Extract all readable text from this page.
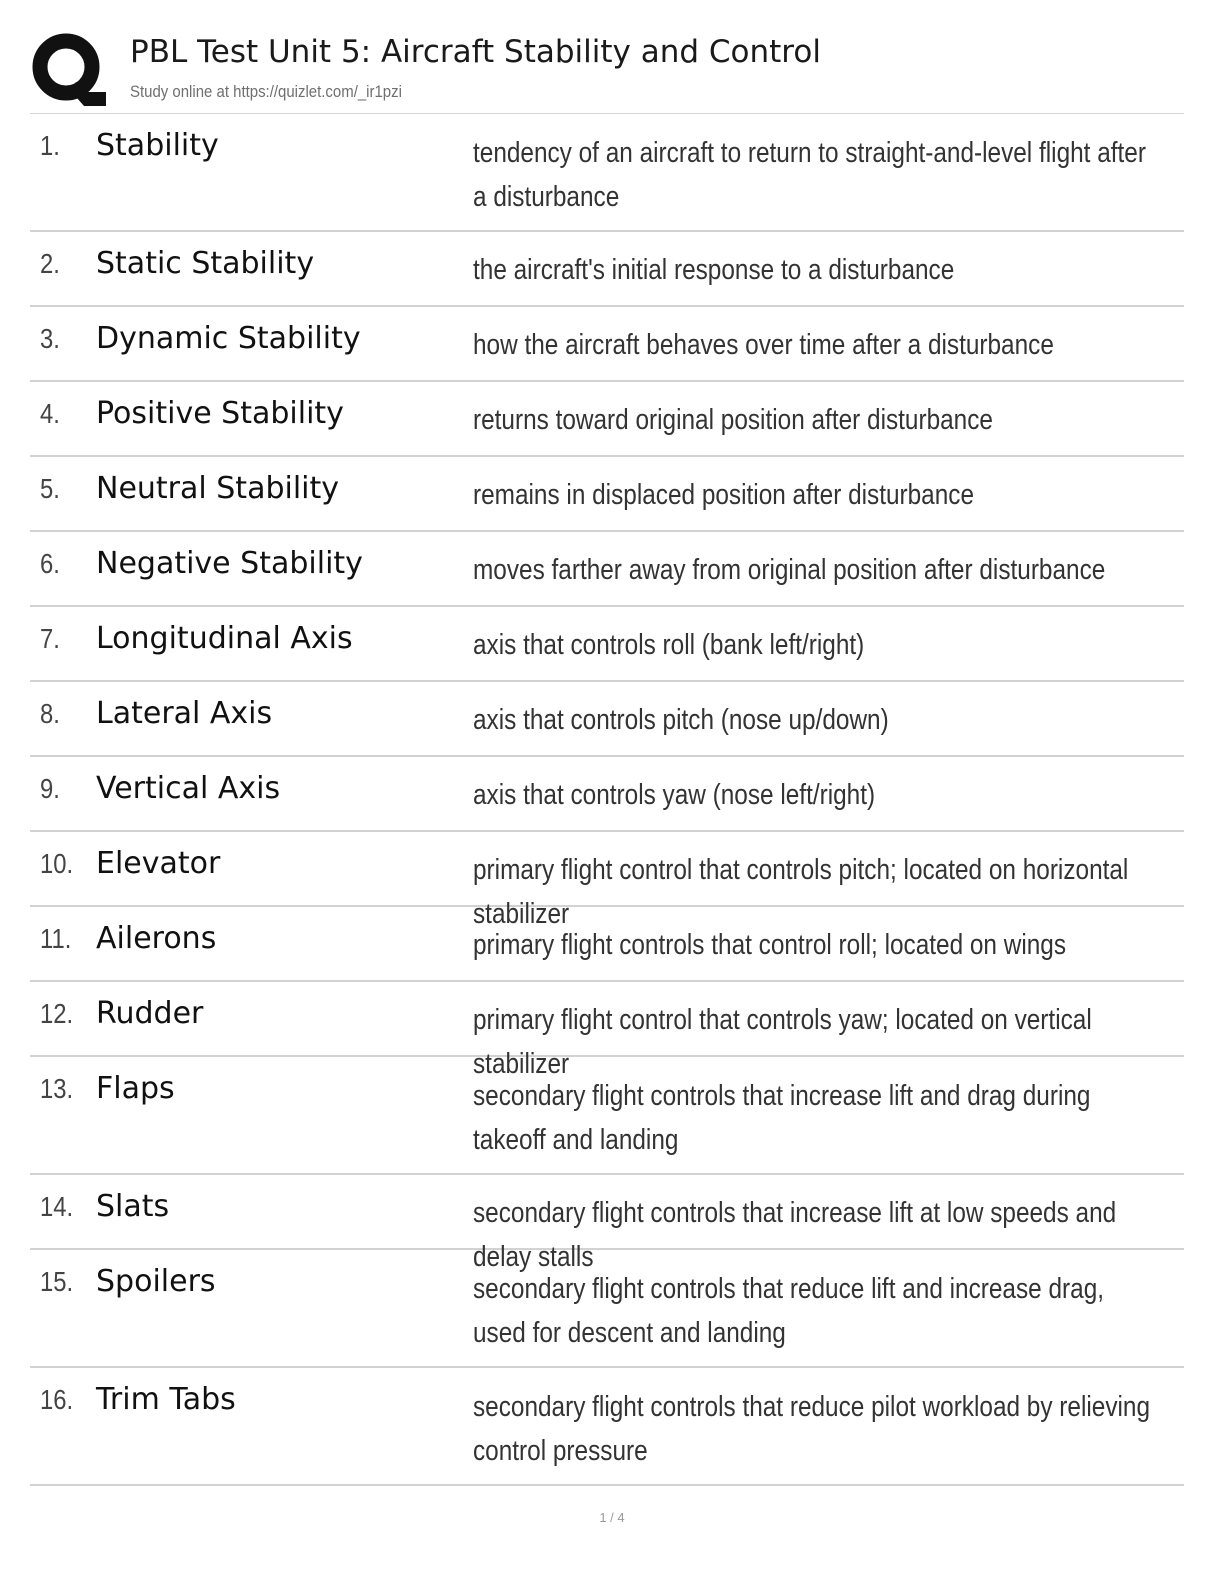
PBL Test Unit 5: Aircraft Stability and Control
Study online at https://quizlet.com/_ir1pzi
1. Stability	tendency of an aircraft to return to straight-and-level flight after a disturbance
2. Static Stability	the aircraft's initial response to a disturbance
3. Dynamic Stability	how the aircraft behaves over time after a disturbance
4. Positive Stability	returns toward original position after disturbance
5. Neutral Stability	remains in displaced position after disturbance
6. Negative Stability	moves farther away from original position after disturbance
7. Longitudinal Axis	axis that controls roll (bank left/right)
8. Lateral Axis	axis that controls pitch (nose up/down)
9. Vertical Axis	axis that controls yaw (nose left/right)
10. Elevator	primary flight control that controls pitch; located on horizontal stabilizer
11. Ailerons	primary flight controls that control roll; located on wings
12. Rudder	primary flight control that controls yaw; located on vertical stabilizer
13. Flaps	secondary flight controls that increase lift and drag during takeoff and landing
14. Slats	secondary flight controls that increase lift at low speeds and delay stalls
15. Spoilers	secondary flight controls that reduce lift and increase drag, used for descent and landing
16. Trim Tabs	secondary flight controls that reduce pilot workload by relieving control pressure
1 / 4
